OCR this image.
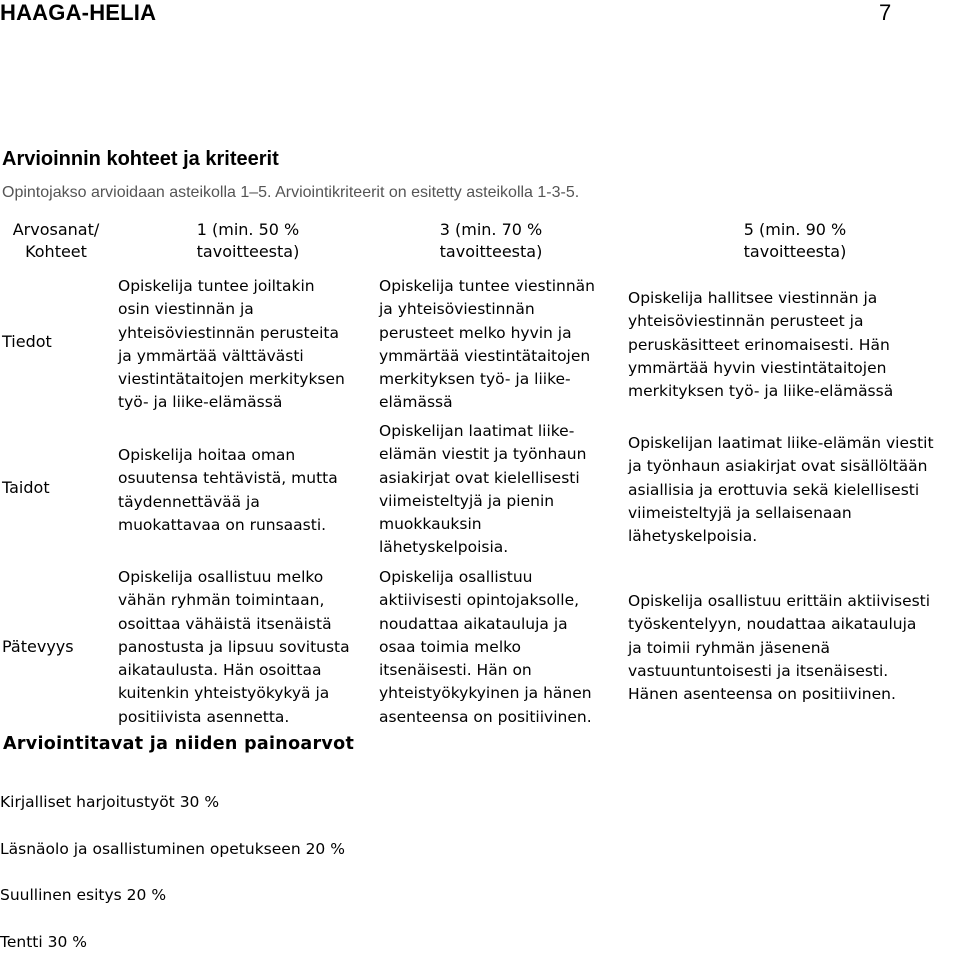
HAAGA-HELIA	7
Arvioinnin kohteet ja kriteerit
Opintojakso arvioidaan asteikolla 1–5. Arviointikriteerit on esitetty asteikolla 1-3-5.
Arvosanat/
Kohteet
1 (min. 50 %
tavoitteesta)
3 (min. 70 %
tavoitteesta)
5 (min. 90 %
tavoitteesta)
Tiedot
Opiskelija tuntee joiltakin
osin viestinnän ja
yhteisöviestinnän perusteita
ja ymmärtää välttävästi
viestintätaitojen merkityksen
työ- ja liike-elämässä
Opiskelija tuntee viestinnän
ja yhteisöviestinnän
perusteet melko hyvin ja
ymmärtää viestintätaitojen
merkityksen työ- ja liike-
elämässä
Opiskelija hallitsee viestinnän ja
yhteisöviestinnän perusteet ja
peruskäsitteet erinomaisesti. Hän
ymmärtää hyvin viestintätaitojen
merkityksen työ- ja liike-elämässä
Taidot
Opiskelija hoitaa oman
osuutensa tehtävistä, mutta
täydennettävää ja
muokattavaa on runsaasti.
Opiskelijan laatimat liike-
elämän viestit ja työnhaun
asiakirjat ovat kielellisesti
viimeisteltyjä ja pienin
muokkauksin
lähetyskelpoisia.
Opiskelijan laatimat liike-elämän viestit
ja työnhaun asiakirjat ovat sisällöltään
asiallisia ja erottuvia sekä kielellisesti
viimeisteltyjä ja sellaisenaan
lähetyskelpoisia.
Pätevyys
Opiskelija osallistuu melko
vähän ryhmän toimintaan,
osoittaa vähäistä itsenäistä
panostusta ja lipsuu sovitusta
aikataulusta. Hän osoittaa
kuitenkin yhteistyökykyä ja
positiivista asennetta.
Opiskelija osallistuu
aktiivisesti opintojaksolle,
noudattaa aikatauluja ja
osaa toimia melko
itsenäisesti. Hän on
yhteistyökykyinen ja hänen
asenteensa on positiivinen.
Opiskelija osallistuu erittäin aktiivisesti
työskentelyyn, noudattaa aikatauluja
ja toimii ryhmän jäsenenä
vastuuntuntoisesti ja itsenäisesti.
Hänen asenteensa on positiivinen.
Arviointitavat ja niiden painoarvot

Kirjalliset harjoitustyöt 30 %

Läsnäolo ja osallistuminen opetukseen 20 %

Suullinen esitys 20 %

Tentti 30 %
